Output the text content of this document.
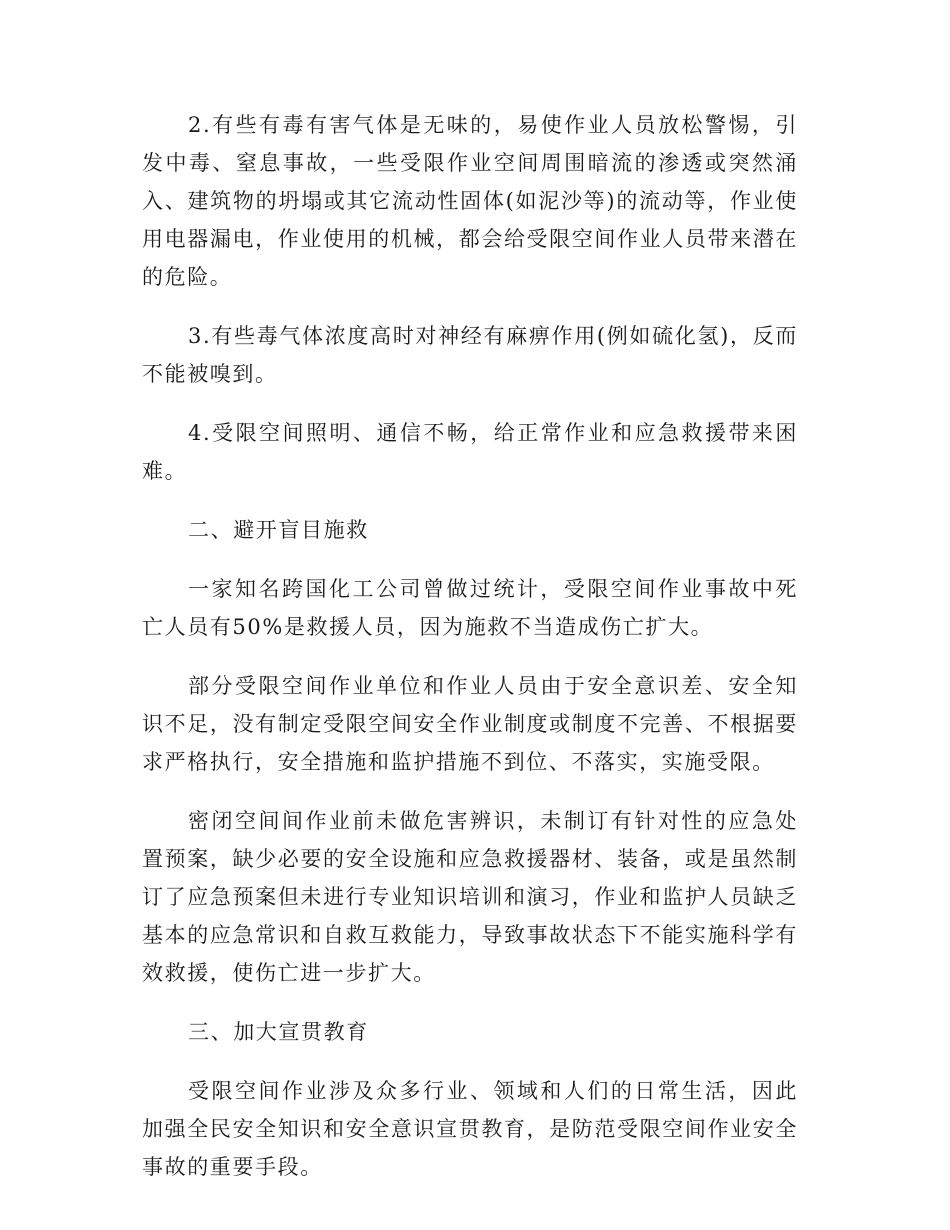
2.有些有毒有害气体是无味的，易使作业人员放松警惕，引发中毒、窒息事故，一些受限作业空间周围暗流的渗透或突然涌入、建筑物的坍塌或其它流动性固体(如泥沙等)的流动等，作业使用电器漏电，作业使用的机械，都会给受限空间作业人员带来潜在的危险。

3.有些毒气体浓度高时对神经有麻痹作用(例如硫化氢)，反而不能被嗅到。

4.受限空间照明、通信不畅，给正常作业和应急救援带来困难。

二、避开盲目施救

一家知名跨国化工公司曾做过统计，受限空间作业事故中死亡人员有50%是救援人员，因为施救不当造成伤亡扩大。

部分受限空间作业单位和作业人员由于安全意识差、安全知识不足，没有制定受限空间安全作业制度或制度不完善、不根据要求严格执行，安全措施和监护措施不到位、不落实，实施受限。

密闭空间间作业前未做危害辨识，未制订有针对性的应急处置预案，缺少必要的安全设施和应急救援器材、装备，或是虽然制订了应急预案但未进行专业知识培训和演习，作业和监护人员缺乏基本的应急常识和自救互救能力，导致事故状态下不能实施科学有效救援，使伤亡进一步扩大。

三、加大宣贯教育

受限空间作业涉及众多行业、领域和人们的日常生活，因此加强全民安全知识和安全意识宣贯教育，是防范受限空间作业安全事故的重要手段。
